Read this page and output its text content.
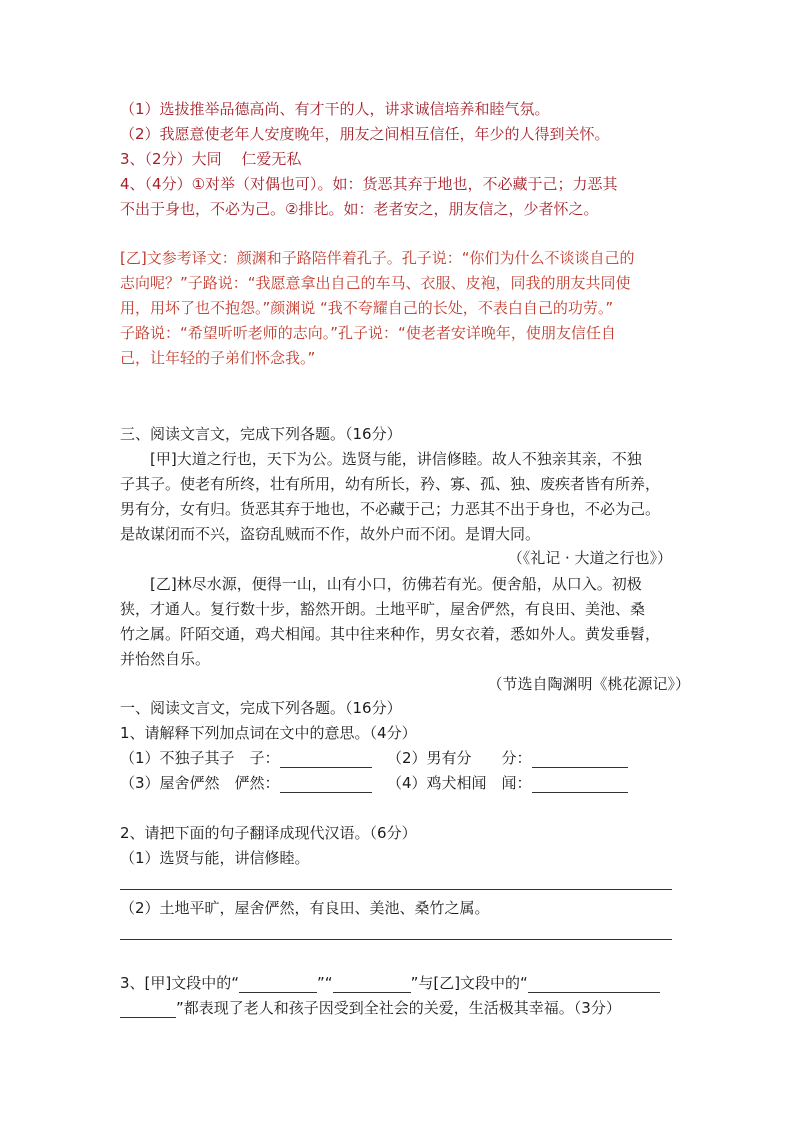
（1）选拔推举品德高尚、有才干的人，讲求诚信培养和睦气氛。
（2）我愿意使老年人安度晚年，朋友之间相互信任，年少的人得到关怀。
3、（2分）大同　 仁爱无私
4、（4分）①对举（对偶也可）。如：货恶其弃于地也，不必藏于己；力恶其
不出于身也，不必为己。②排比。如：老者安之，朋友信之，少者怀之。
[乙]文参考译文：颜渊和子路陪伴着孔子。孔子说：“你们为什么不谈谈自己的
志向呢？”子路说：“我愿意拿出自己的车马、衣服、皮袍，同我的朋友共同使
用，用坏了也不抱怨。”颜渊说 “我不夸耀自己的长处，不表白自己的功劳。”
子路说：“希望听听老师的志向。”孔子说：“使老者安详晚年，使朋友信任自
己，让年轻的子弟们怀念我。”
三、阅读文言文，完成下列各题。（16分）
[甲]大道之行也，天下为公。选贤与能，讲信修睦。故人不独亲其亲，不独
子其子。使老有所终，壮有所用，幼有所长，矜、寡、孤、独、废疾者皆有所养，
男有分，女有归。货恶其弃于地也，不必藏于己；力恶其不出于身也，不必为己。
是故谋闭而不兴，盗窃乱贼而不作，故外户而不闭。是谓大同。
（《礼记 · 大道之行也》）
[乙]林尽水源，便得一山，山有小口，彷佛若有光。便舍船，从口入。初极
狭，才通人。复行数十步，豁然开朗。土地平旷，屋舍俨然，有良田、美池、桑
竹之属。阡陌交通，鸡犬相闻。其中往来种作，男女衣着，悉如外人。黄发垂髫，
并怡然自乐。
（节选自陶渊明《桃花源记》）
一、阅读文言文，完成下列各题。（16分）
1、请解释下列加点词在文中的意思。（4分）
（1）不独子其子　子：	（2）男有分　　分：
（3）屋舍俨然　俨然：	（4）鸡犬相闻　闻：
2、请把下面的句子翻译成现代汉语。（6分）
（1）选贤与能，讲信修睦。
（2）土地平旷，屋舍俨然，有良田、美池、桑竹之属。
3、[甲]文段中的“	”“	”与[乙]文段中的“
”都表现了老人和孩子因受到全社会的关爱，生活极其幸福。（3分）
